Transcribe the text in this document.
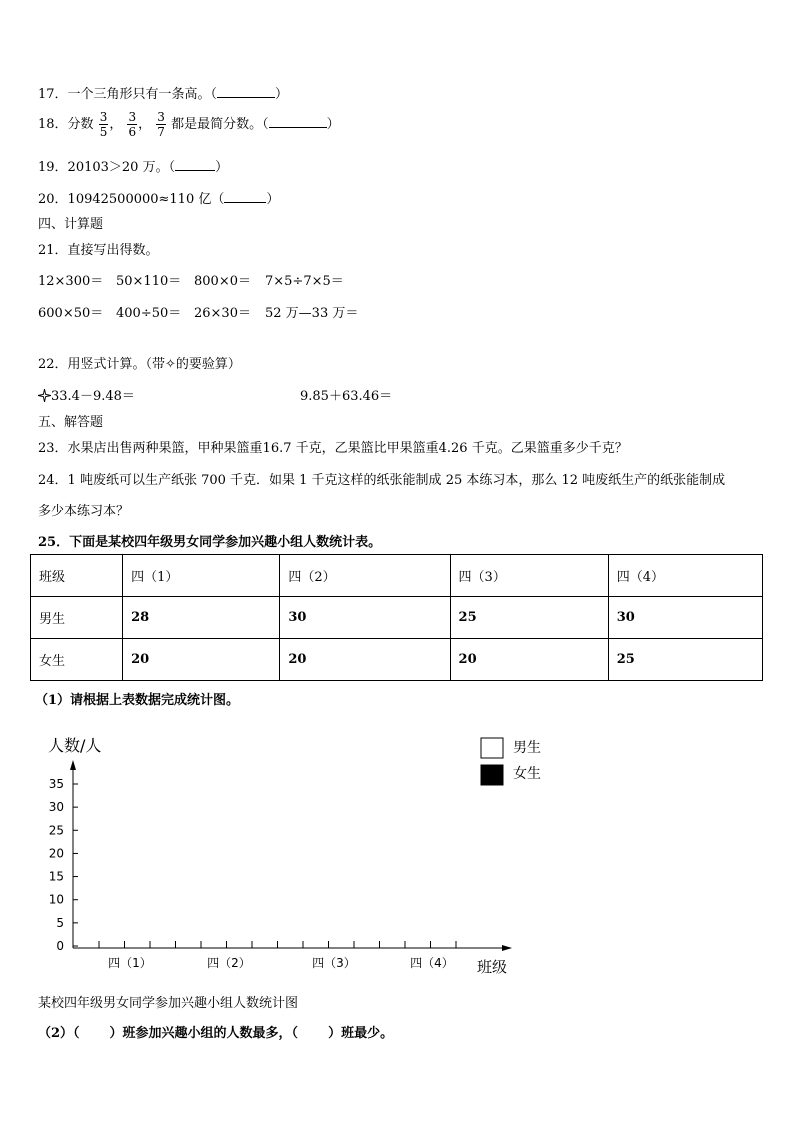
17．一个三角形只有一条高。（	）
18．分数 $\frac{3}{5}$ ， $\frac{3}{6}$ ， $\frac{3}{7}$ 都是最简分数。（	）
19．20103＞20 万。（	）
20．10942500000≈110 亿（	）
四、计算题
21．直接写出得数。
12×300＝ 50×110＝ 800×0＝ 7×5÷7×5＝
600×50＝ 400÷50＝ 26×30＝ 52 万—33 万＝
22．用竖式计算。（带✧的要验算）
33.4－9.48＝	9.85＋63.46＝
五、解答题
23．水果店出售两种果篮，甲种果篮重16.7 千克，乙果篮比甲果篮重4.26 千克。乙果篮重多少千克？
24．1 吨废纸可以生产纸张 700 千克．如果 1 千克这样的纸张能制成 25 本练习本，那么 12 吨废纸生产的纸张能制成
多少本练习本？
25．下面是某校四年级男女同学参加兴趣小组人数统计表。
班级	四（1）	四（2）	四（3）	四（4）
男生	28	30	25	30
女生	20	20	20	25
（1）请根据上表数据完成统计图。
人数/人
0
5
10
15
20
25
30
35
四（1）	四（2）	四（3）	四（4） 班级
男生
女生
某校四年级男女同学参加兴趣小组人数统计图
（2）（ ）班参加兴趣小组的人数最多，（ ）班最少。
